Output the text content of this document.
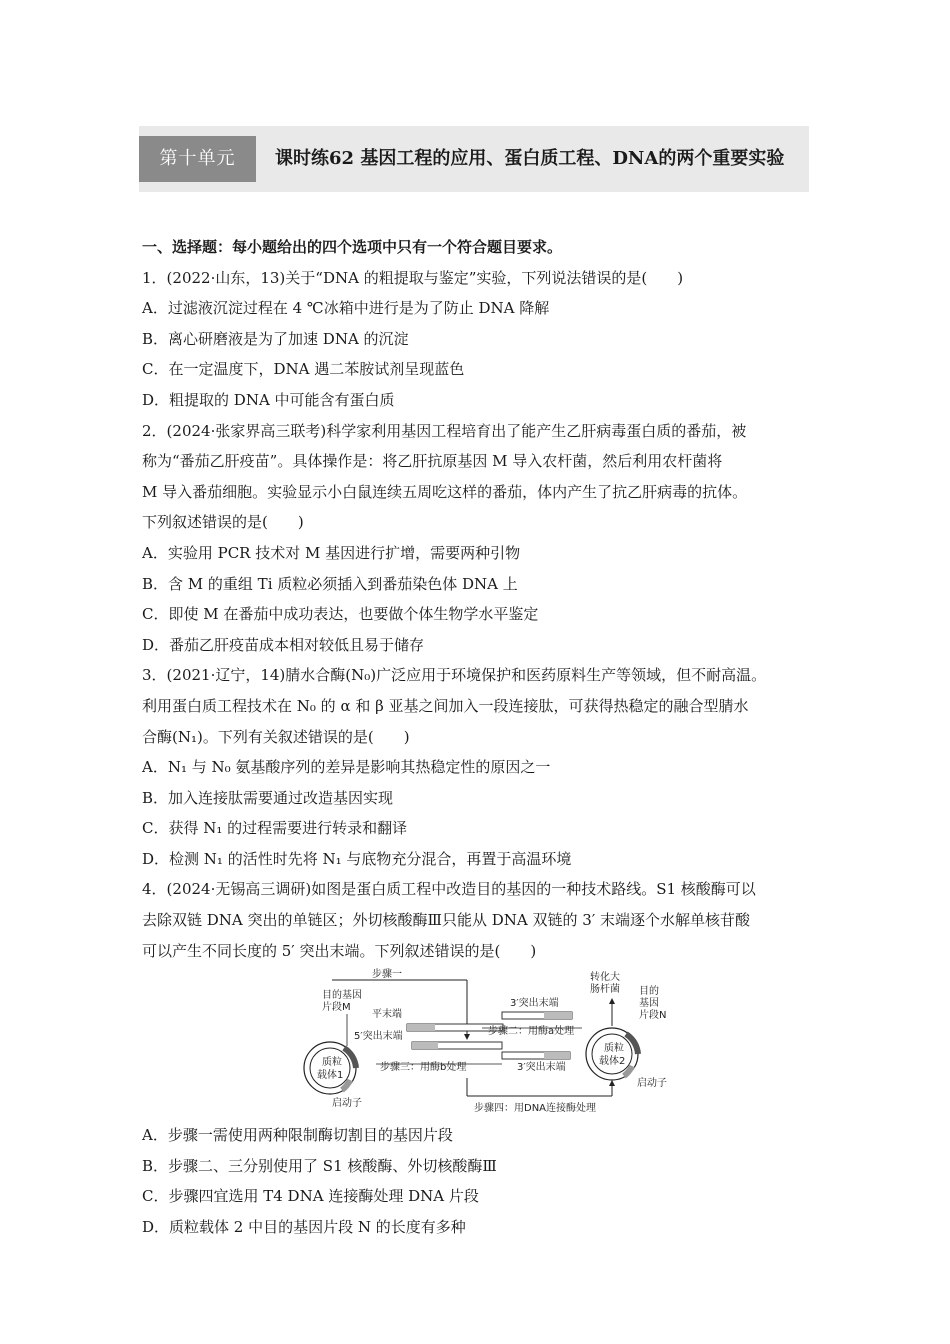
第十单元	课时练62 基因工程的应用、蛋白质工程、DNA的两个重要实验
一、选择题：每小题给出的四个选项中只有一个符合题目要求。
1．(2022·山东，13)关于“DNA 的粗提取与鉴定”实验，下列说法错误的是(　　)
A．过滤液沉淀过程在 4 ℃冰箱中进行是为了防止 DNA 降解
B．离心研磨液是为了加速 DNA 的沉淀
C．在一定温度下，DNA 遇二苯胺试剂呈现蓝色
D．粗提取的 DNA 中可能含有蛋白质
2．(2024·张家界高三联考)科学家利用基因工程培育出了能产生乙肝病毒蛋白质的番茄，被
称为“番茄乙肝疫苗”。具体操作是：将乙肝抗原基因 M 导入农杆菌，然后利用农杆菌将
M 导入番茄细胞。实验显示小白鼠连续五周吃这样的番茄，体内产生了抗乙肝病毒的抗体。
下列叙述错误的是(　　)
A．实验用 PCR 技术对 M 基因进行扩增，需要两种引物
B．含 M 的重组 Ti 质粒必须插入到番茄染色体 DNA 上
C．即使 M 在番茄中成功表达，也要做个体生物学水平鉴定
D．番茄乙肝疫苗成本相对较低且易于储存
3．(2021·辽宁，14)腈水合酶(N₀)广泛应用于环境保护和医药原料生产等领域，但不耐高温。
利用蛋白质工程技术在 N₀ 的 α 和 β 亚基之间加入一段连接肽，可获得热稳定的融合型腈水
合酶(N₁)。下列有关叙述错误的是(　　)
A．N₁ 与 N₀ 氨基酸序列的差异是影响其热稳定性的原因之一
B．加入连接肽需要通过改造基因实现
C．获得 N₁ 的过程需要进行转录和翻译
D．检测 N₁ 的活性时先将 N₁ 与底物充分混合，再置于高温环境
4．(2024·无锡高三调研)如图是蛋白质工程中改造目的基因的一种技术路线。S1 核酸酶可以
去除双链 DNA 突出的单链区；外切核酸酶Ⅲ只能从 DNA 双链的 3′ 末端逐个水解单核苷酸
可以产生不同长度的 5′ 突出末端。下列叙述错误的是(　　)
步骤一
质粒
载体1
目的基因
片段M
启动子
平末端
5′突出末端
3′突出末端
3′突出末端
步骤二：用酶a处理
步骤三：用酶b处理
步骤四：用DNA连接酶处理
质粒
载体2
启动子
转化大
肠杆菌 目的
基因
片段N
A．步骤一需使用两种限制酶切割目的基因片段
B．步骤二、三分别使用了 S1 核酸酶、外切核酸酶Ⅲ
C．步骤四宜选用 T4 DNA 连接酶处理 DNA 片段
D．质粒载体 2 中目的基因片段 N 的长度有多种
